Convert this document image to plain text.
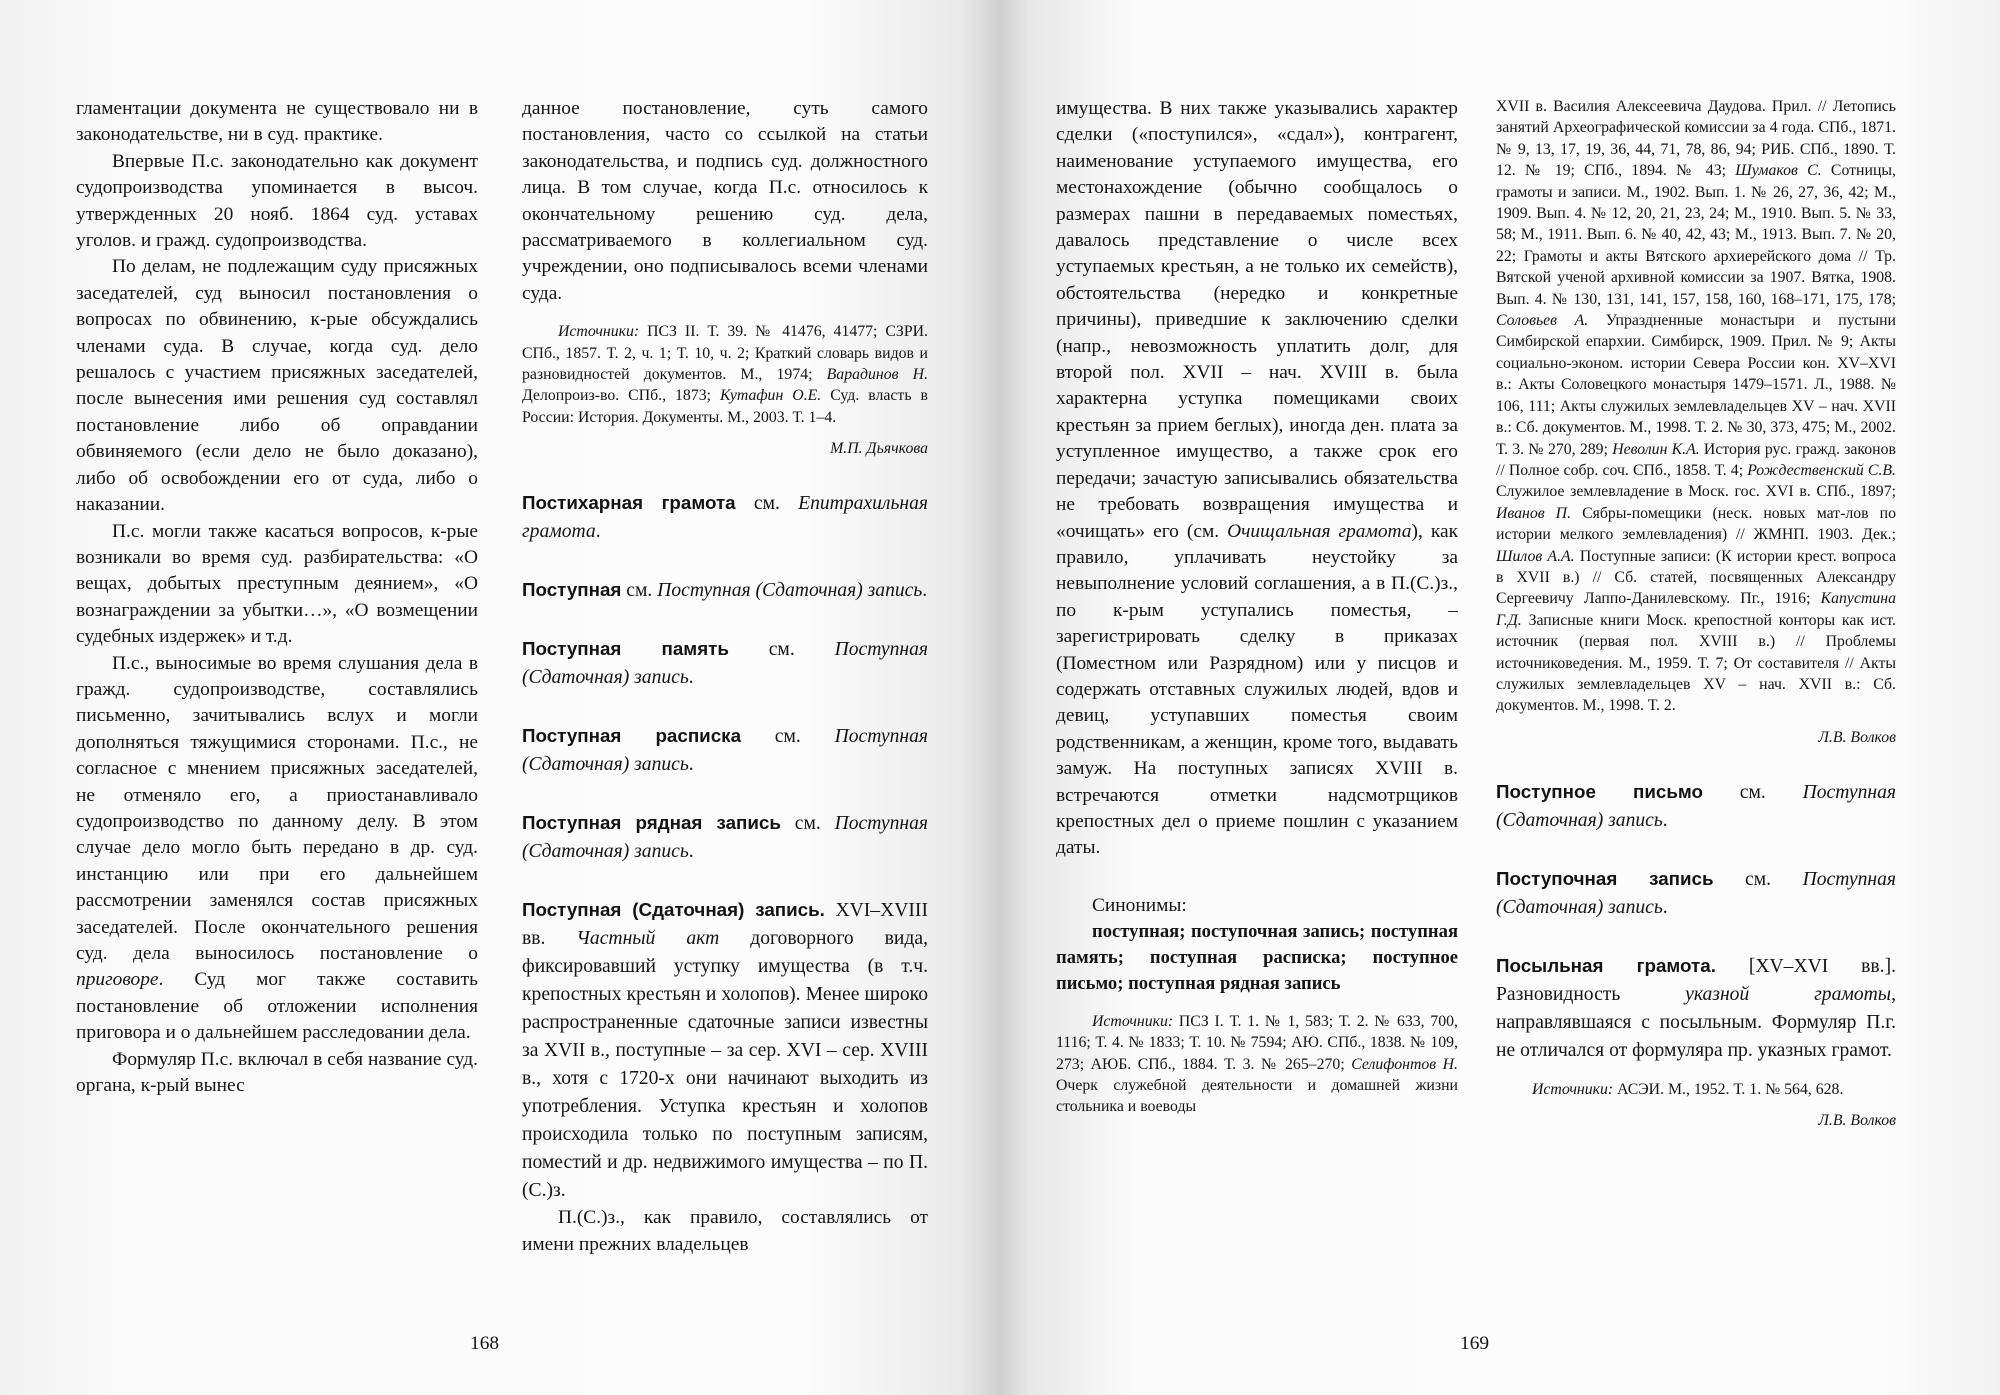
гламентации документа не существовало ни в законодательстве, ни в суд. практике.

Впервые П.с. законодательно как документ судопроизводства упоминается в высоч. утвержденных 20 нояб. 1864 суд. уставах уголов. и гражд. судопроизводства.

По делам, не подлежащим суду присяжных заседателей, суд выносил постановления о вопросах по обвинению, к-рые обсуждались членами суда. В случае, когда суд. дело решалось с участием присяжных заседателей, после вынесения ими решения суд составлял постановление либо об оправдании обвиняемого (если дело не было доказано), либо об освобождении его от суда, либо о наказании.

П.с. могли также касаться вопросов, к-рые возникали во время суд. разбирательства: «О вещах, добытых преступным деянием», «О вознаграждении за убытки…», «О возмещении судебных издержек» и т.д.

П.с., выносимые во время слушания дела в гражд. судопроизводстве, составлялись письменно, зачитывались вслух и могли дополняться тяжущимися сторонами. П.с., не согласное с мнением присяжных заседателей, не отменяло его, а приостанавливало судопроизводство по данному делу. В этом случае дело могло быть передано в др. суд. инстанцию или при его дальнейшем рассмотрении заменялся состав присяжных заседателей. После окончательного решения суд. дела выносилось постановление о приговоре. Суд мог также составить постановление об отложении исполнения приговора и о дальнейшем расследовании дела.

Формуляр П.с. включал в себя название суд. органа, к-рый вынес

данное постановление, суть самого постановления, часто со ссылкой на статьи законодательства, и подпись суд. должностного лица. В том случае, когда П.с. относилось к окончательному решению суд. дела, рассматриваемого в коллегиальном суд. учреждении, оно подписывалось всеми членами суда.

Источники: ПСЗ II. Т. 39. № 41476, 41477; СЗРИ. СПб., 1857. Т. 2, ч. 1; Т. 10, ч. 2; Краткий словарь видов и разновидностей документов. М., 1974; Варадинов Н. Делопроиз-во. СПб., 1873; Кутафин О.Е. Суд. власть в России: История. Документы. М., 2003. Т. 1–4.

М.П. Дьячкова

Постихарная грамота см. Епитрахильная грамота.

Поступная см. Поступная (Сдаточная) запись.

Поступная память см. Поступная (Сдаточная) запись.

Поступная расписка см. Поступная (Сдаточная) запись.

Поступная рядная запись см. Поступная (Сдаточная) запись.

Поступная (Сдаточная) запись. XVI–XVIII вв. Частный акт договорного вида, фиксировавший уступку имущества (в т.ч. крепостных крестьян и холопов). Менее широко распространенные сдаточные записи известны за XVII в., поступные – за сер. XVI – сер. XVIII в., хотя с 1720-х они начинают выходить из употребления. Уступка крестьян и холопов происходила только по поступным записям, поместий и др. недвижимого имущества – по П.(С.)з.

П.(С.)з., как правило, составлялись от имени прежних владельцев

168

имущества. В них также указывались характер сделки («поступился», «сдал»), контрагент, наименование уступаемого имущества, его местонахождение (обычно сообщалось о размерах пашни в передаваемых поместьях, давалось представление о числе всех уступаемых крестьян, а не только их семейств), обстоятельства (нередко и конкретные причины), приведшие к заключению сделки (напр., невозможность уплатить долг, для второй пол. XVII – нач. XVIII в. была характерна уступка помещиками своих крестьян за прием беглых), иногда ден. плата за уступленное имущество, а также срок его передачи; зачастую записывались обязательства не требовать возвращения имущества и «очищать» его (см. Очищальная грамота), как правило, уплачивать неустойку за невыполнение условий соглашения, а в П.(С.)з., по к-рым уступались поместья, – зарегистрировать сделку в приказах (Поместном или Разрядном) или у писцов и содержать отставных служилых людей, вдов и девиц, уступавших поместья своим родственникам, а женщин, кроме того, выдавать замуж. На поступных записях XVIII в. встречаются отметки надсмотрщиков крепостных дел о приеме пошлин с указанием даты.

Синонимы:

поступная; поступочная запись; поступная память; поступная расписка; поступное письмо; поступная рядная запись

Источники: ПСЗ I. Т. 1. № 1, 583; Т. 2. № 633, 700, 1116; Т. 4. № 1833; Т. 10. № 7594; АЮ. СПб., 1838. № 109, 273; АЮБ. СПб., 1884. Т. 3. № 265–270; Селифонтов Н. Очерк служебной деятельности и домашней жизни стольника и воеводы

XVII в. Василия Алексеевича Даудова. Прил. // Летопись занятий Археографической комиссии за 4 года. СПб., 1871. № 9, 13, 17, 19, 36, 44, 71, 78, 86, 94; РИБ. СПб., 1890. Т. 12. № 19; СПб., 1894. № 43; Шумаков С. Сотницы, грамоты и записи. М., 1902. Вып. 1. № 26, 27, 36, 42; М., 1909. Вып. 4. № 12, 20, 21, 23, 24; М., 1910. Вып. 5. № 33, 58; М., 1911. Вып. 6. № 40, 42, 43; М., 1913. Вып. 7. № 20, 22; Грамоты и акты Вятского архиерейского дома // Тр. Вятской ученой архивной комиссии за 1907. Вятка, 1908. Вып. 4. № 130, 131, 141, 157, 158, 160, 168–171, 175, 178; Соловьев А. Упраздненные монастыри и пустыни Симбирской епархии. Симбирск, 1909. Прил. № 9; Акты социально-эконом. истории Севера России кон. XV–XVI в.: Акты Соловецкого монастыря 1479–1571. Л., 1988. № 106, 111; Акты служилых землевладельцев XV – нач. XVII в.: Сб. документов. М., 1998. Т. 2. № 30, 373, 475; М., 2002. Т. 3. № 270, 289; Неволин К.А. История рус. гражд. законов // Полное собр. соч. СПб., 1858. Т. 4; Рождественский С.В. Служилое землевладение в Моск. гос. XVI в. СПб., 1897; Иванов П. Сябры-помещики (неск. новых мат-лов по истории мелкого землевладения) // ЖМНП. 1903. Дек.; Шилов А.А. Поступные записи: (К истории крест. вопроса в XVII в.) // Сб. статей, посвященных Александру Сергеевичу Лаппо-Данилевскому. Пг., 1916; Капустина Г.Д. Записные книги Моск. крепостной конторы как ист. источник (первая пол. XVIII в.) // Проблемы источниковедения. М., 1959. Т. 7; От составителя // Акты служилых землевладельцев XV – нач. XVII в.: Сб. документов. М., 1998. Т. 2.

Л.В. Волков

Поступное письмо см. Поступная (Сдаточная) запись.

Поступочная запись см. Поступная (Сдаточная) запись.

Посыльная грамота. [XV–XVI вв.]. Разновидность указной грамоты, направлявшаяся с посыльным. Формуляр П.г. не отличался от формуляра пр. указных грамот.

Источники: АСЭИ. М., 1952. Т. 1. № 564, 628.

Л.В. Волков
169
